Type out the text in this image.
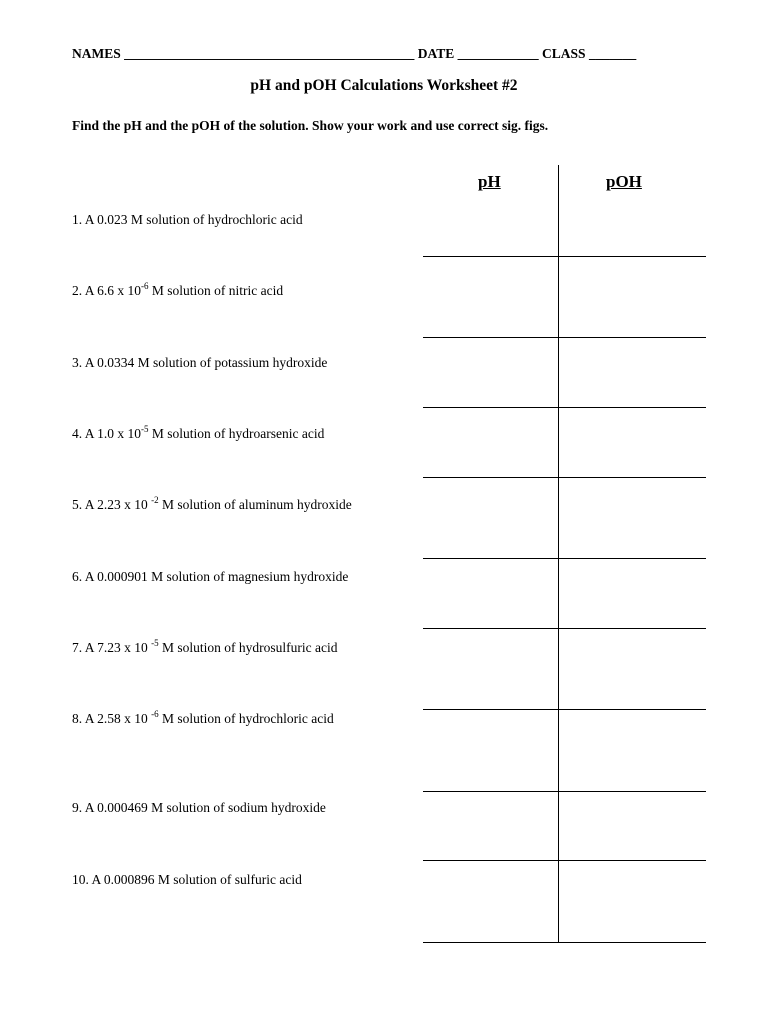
NAMES ___________________________________________ DATE ____________ CLASS _______
pH and pOH Calculations Worksheet #2
Find the pH and the pOH of the solution. Show your work and use correct sig. figs.
pH	pOH
1. A 0.023 M solution of hydrochloric acid
2. A 6.6 x $10^{-6}$ M solution of nitric acid
3. A 0.0334 M solution of potassium hydroxide
4. A 1.0 x $10^{-5}$ M solution of hydroarsenic acid
5. A 2.23 x 10 $^{-2}$ M solution of aluminum hydroxide
6. A 0.000901 M solution of magnesium hydroxide
7. A 7.23 x 10 $^{-5}$ M solution of hydrosulfuric acid
8. A 2.58 x 10 $^{-6}$ M solution of hydrochloric acid
9. A 0.000469 M solution of sodium hydroxide
10. A 0.000896 M solution of sulfuric acid
